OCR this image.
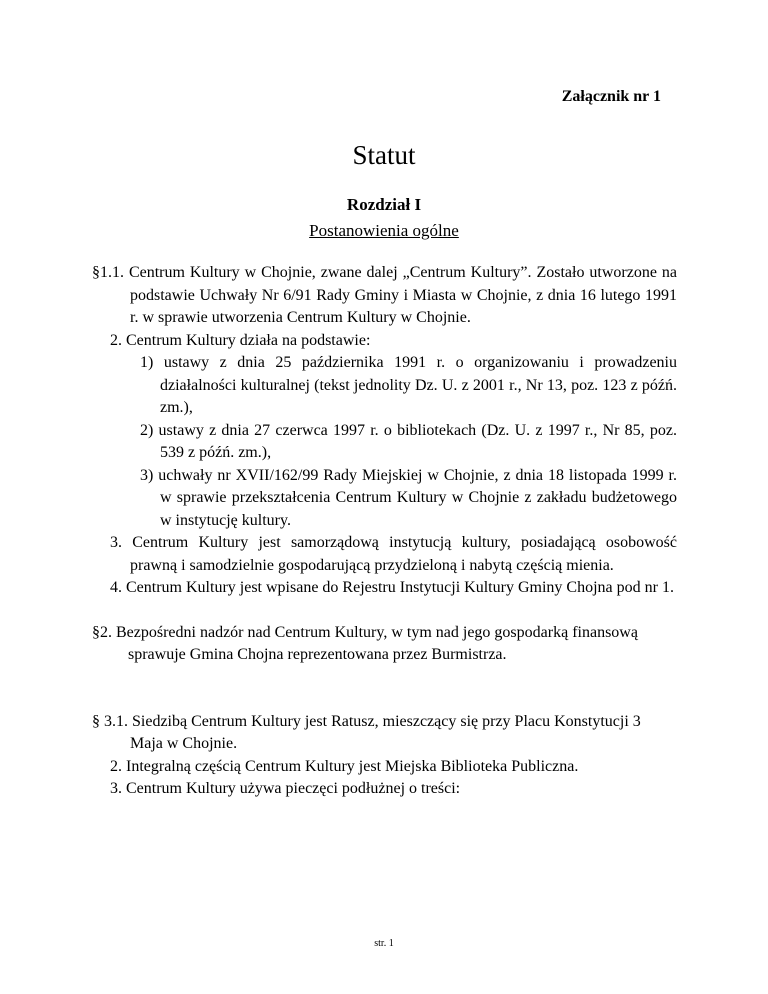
Załącznik nr 1
Statut
Rozdział I
Postanowienia ogólne

§1.1. Centrum Kultury w Chojnie, zwane dalej „Centrum Kultury”. Zostało utworzone na podstawie Uchwały Nr 6/91 Rady Gminy i Miasta w Chojnie, z dnia 16 lutego 1991 r. w sprawie utworzenia Centrum Kultury w Chojnie.

2. Centrum Kultury działa na podstawie:

1) ustawy z dnia 25 października 1991 r. o organizowaniu i prowadzeniu działalności kulturalnej (tekst jednolity Dz. U. z 2001 r., Nr 13, poz. 123 z późń. zm.),

2) ustawy z dnia 27 czerwca 1997 r. o bibliotekach (Dz. U. z 1997 r., Nr 85, poz. 539 z późń. zm.),

3) uchwały nr XVII/162/99 Rady Miejskiej w Chojnie, z dnia 18 listopada 1999 r. w sprawie przekształcenia Centrum Kultury w Chojnie z zakładu budżetowego w instytucję kultury.

3. Centrum Kultury jest samorządową instytucją kultury, posiadającą osobowość prawną i samodzielnie gospodarującą przydzieloną i nabytą częścią mienia.

4. Centrum Kultury jest wpisane do Rejestru Instytucji Kultury Gminy Chojna pod nr 1.

§2. Bezpośredni nadzór nad Centrum Kultury, w tym nad jego gospodarką finansową sprawuje Gmina Chojna reprezentowana przez Burmistrza.

§ 3.1. Siedzibą Centrum Kultury jest Ratusz, mieszczący się przy Placu Konstytucji 3 Maja w Chojnie.

2. Integralną częścią Centrum Kultury jest Miejska Biblioteka Publiczna.

3. Centrum Kultury używa pieczęci podłużnej o treści:

str. 1
